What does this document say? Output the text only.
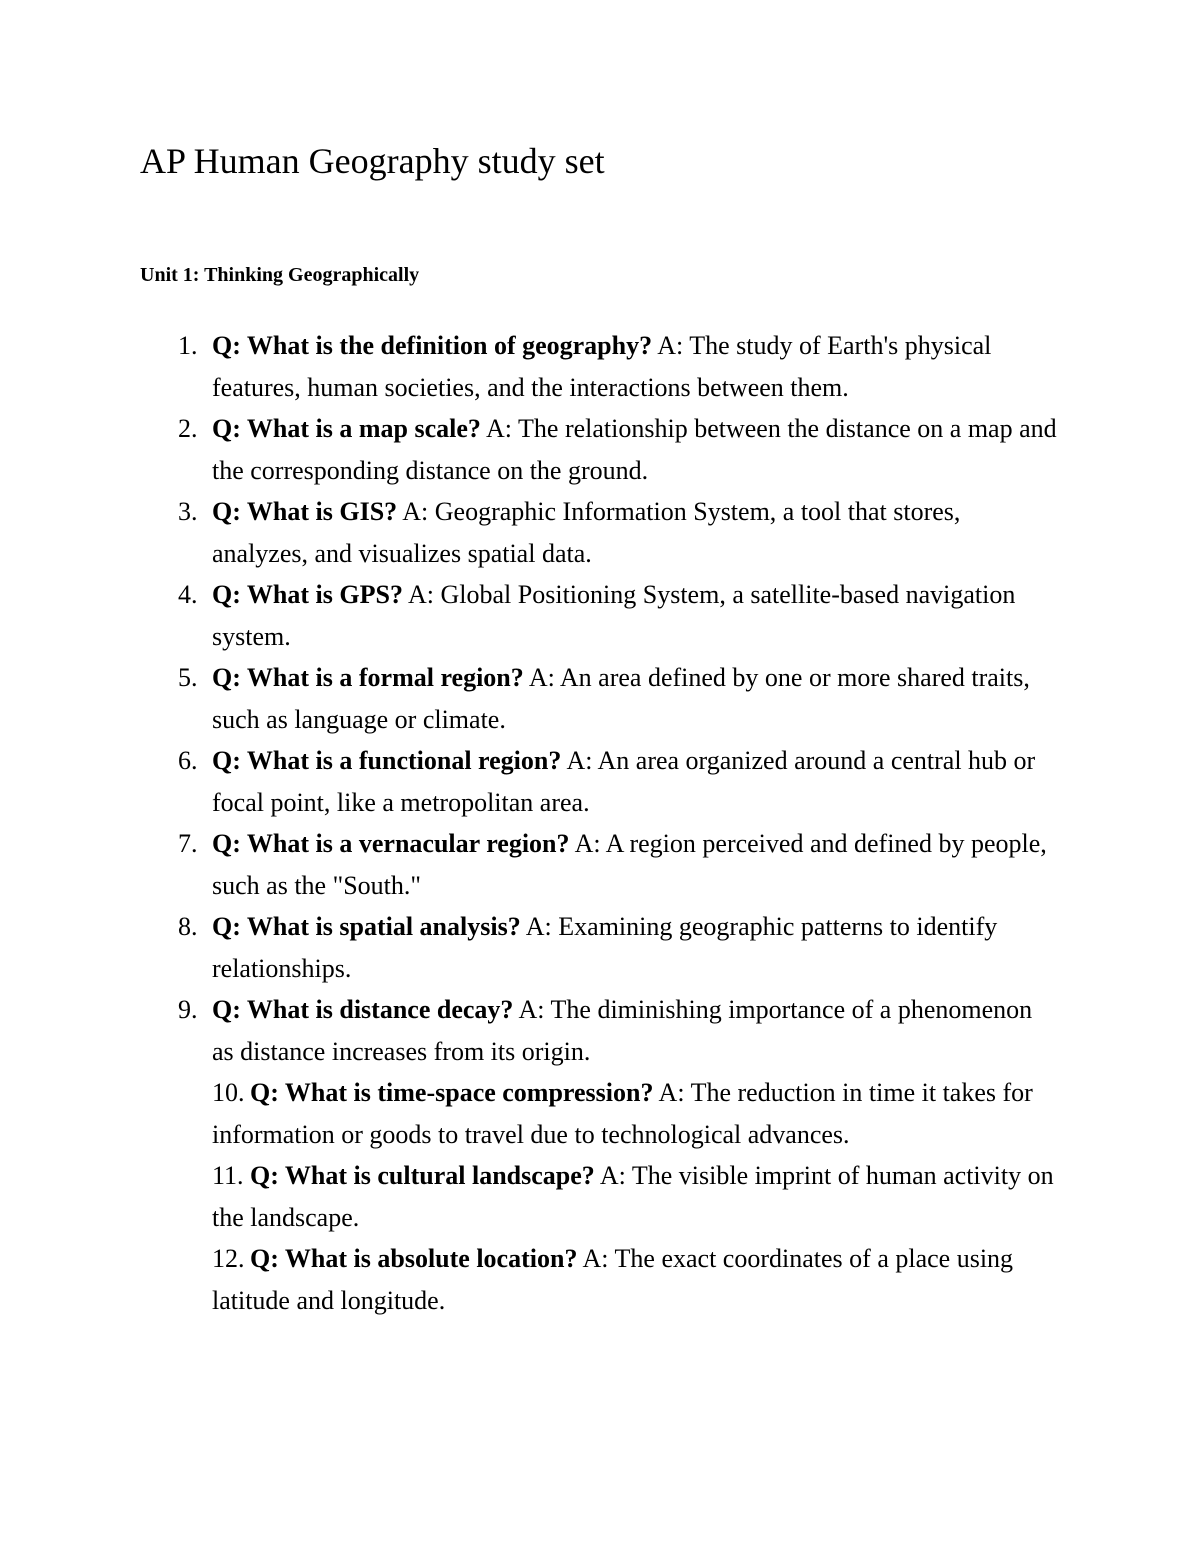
AP Human Geography study set
Unit 1: Thinking Geographically
1. Q: What is the definition of geography? A: The study of Earth's physical features, human societies, and the interactions between them.
2. Q: What is a map scale? A: The relationship between the distance on a map and the corresponding distance on the ground.
3. Q: What is GIS? A: Geographic Information System, a tool that stores, analyzes, and visualizes spatial data.
4. Q: What is GPS? A: Global Positioning System, a satellite-based navigation system.
5. Q: What is a formal region? A: An area defined by one or more shared traits, such as language or climate.
6. Q: What is a functional region? A: An area organized around a central hub or focal point, like a metropolitan area.
7. Q: What is a vernacular region? A: A region perceived and defined by people, such as the "South."
8. Q: What is spatial analysis? A: Examining geographic patterns to identify relationships.
9. Q: What is distance decay? A: The diminishing importance of a phenomenon as distance increases from its origin.
10. Q: What is time-space compression? A: The reduction in time it takes for information or goods to travel due to technological advances.
11. Q: What is cultural landscape? A: The visible imprint of human activity on the landscape.
12. Q: What is absolute location? A: The exact coordinates of a place using latitude and longitude.
